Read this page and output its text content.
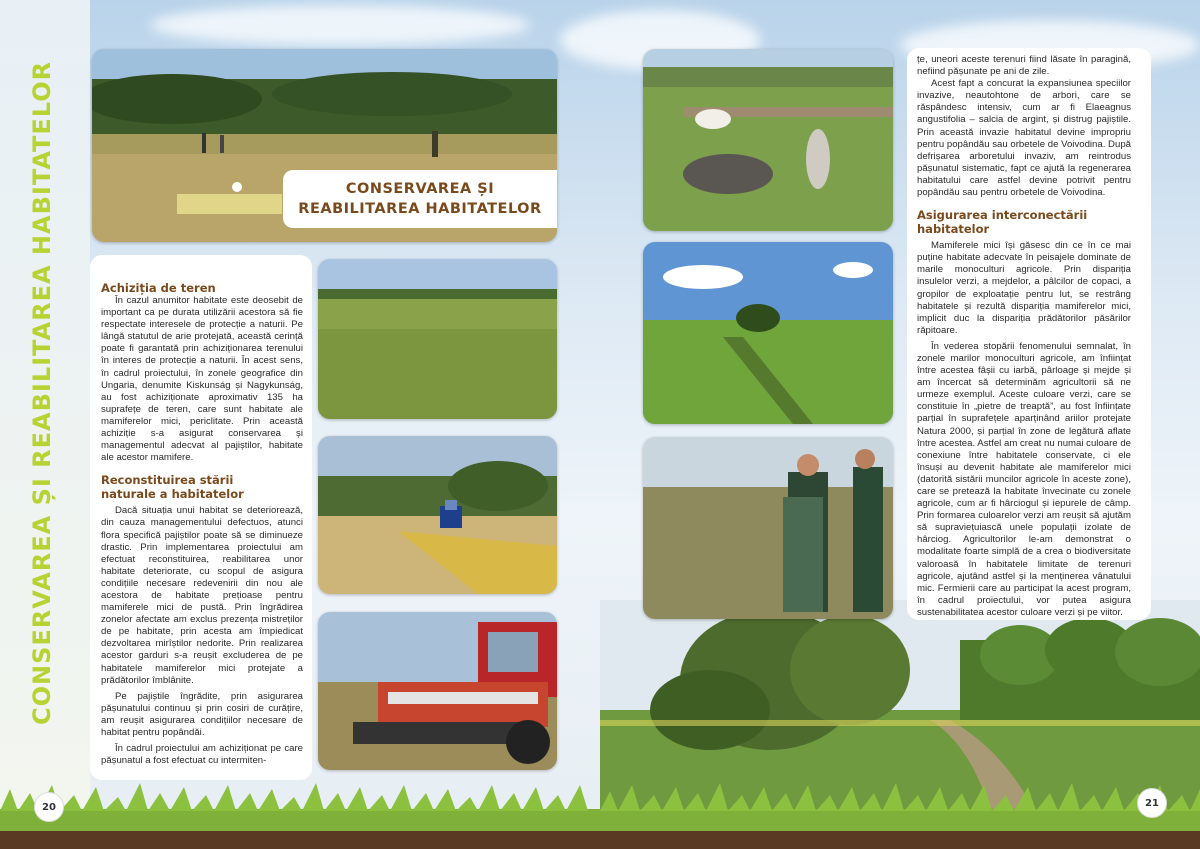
CONSERVAREA ȘI REABILITAREA HABITATELOR	CONSERVAREA ȘI
REABILITAREA HABITATELOR
Achiziția de teren

În cazul anumitor habitate este deosebit de important ca pe durata utilizării acestora să fie respectate interesele de protecție a naturii. Pe lângă statutul de arie protejată, această cerință poate fi garantată prin achiziționarea terenului în interes de protecție a naturii. În acest sens, în cadrul proiectului, în zonele geografice din Ungaria, denumite Kiskunság și Nagykunság, au fost achiziționate aproximativ 135 ha suprafețe de teren, care sunt habitate ale mamiferelor mici, periclitate. Prin această achiziție s-a asigurat conservarea și managementul adecvat al pajiștilor, habitate ale acestor mamifere.

Reconstituirea stării
naturale a habitatelor

Dacă situația unui habitat se deteriorează, din cauza managementului defectuos, atunci flora specifică pajiștilor poate să se diminueze drastic. Prin implementarea proiectului am efectuat reconstituirea, reabilitarea unor habitate deteriorate, cu scopul de asigura condițiile necesare redevenirii din nou ale acestora de habitate prețioase pentru mamiferele mici de pustă. Prin îngrădirea zonelor afectate am exclus prezența mistreților de pe habitate, prin acesta am împiedicat dezvoltarea mirîștilor nedorite. Prin realizarea acestor garduri s-a reușit excluderea de pe habitatele mamiferelor mici protejate a prădătorilor îmblânite.

Pe pajiștile îngrădite, prin asigurarea pășunatului continuu și prin cosiri de curățire, am reușit asigurarea condițiilor necesare de habitat pentru popândăi.

În cadrul proiectului am achiziționat pe care pășunatul a fost efectuat cu intermiten-

țe, uneori aceste terenuri fiind lăsate în paragină, nefiind pășunate pe ani de zile.

Acest fapt a concurat la expansiunea speciilor invazive, neautohtone de arbori, care se răspândesc intensiv, cum ar fi Elaeagnus angustifolia – salcia de argint, și distrug pajiștile. Prin această invazie habitatul devine impropriu pentru popândău sau orbetele de Voivodina. După defrișarea arboretului invaziv, am reintrodus pășunatul sistematic, fapt ce ajută la regenerarea habitatului care astfel devine potrivit pentru popândău sau pentru orbetele de Voivodina.

Asigurarea interconectării
habitatelor

Mamiferele mici își găsesc din ce în ce mai puține habitate adecvate în peisajele dominate de marile monoculturi agricole. Prin dispariția insulelor verzi, a mejdelor, a pâlcilor de copaci, a gropilor de exploatație pentru lut, se restrâng habitatele și rezultă dispariția mamiferelor mici, implicit duc la dispariția prădătorilor păsărilor răpitoare.

În vederea stopării fenomenului semnalat, în zonele marilor monoculturi agricole, am înființat între acestea fâșii cu iarbă, pârloage și mejde și am încercat să determinăm agricultorii să ne urmeze exemplul. Aceste culoare verzi, care se constituie în „pietre de treaptă”, au fost înființate parțial în suprafețele aparținând ariilor protejate Natura 2000, și parțial în zone de legătură aflate între acestea. Astfel am creat nu numai culoare de conexiune între habitatele conservate, ci ele însuși au devenit habitate ale mamiferelor mici (datorită sistării muncilor agricole în aceste zone), care se pretează la habitate învecinate cu zonele agricole, cum ar fi hârciogul și iepurele de câmp. Prin formarea culoarelor verzi am reușit să ajutăm să supraviețuiască unele populații izolate de hârciog. Agricultorilor le-am demonstrat o modalitate foarte simplă de a crea o biodiversitate valoroasă în habitatele limitate de terenuri agricole, ajutând astfel și la menținerea vânatului mic. Fermierii care au participat la acest program, în cadrul proiectului, vor putea asigura sustenabilitatea acestor culoare verzi și pe viitor.

20	21
